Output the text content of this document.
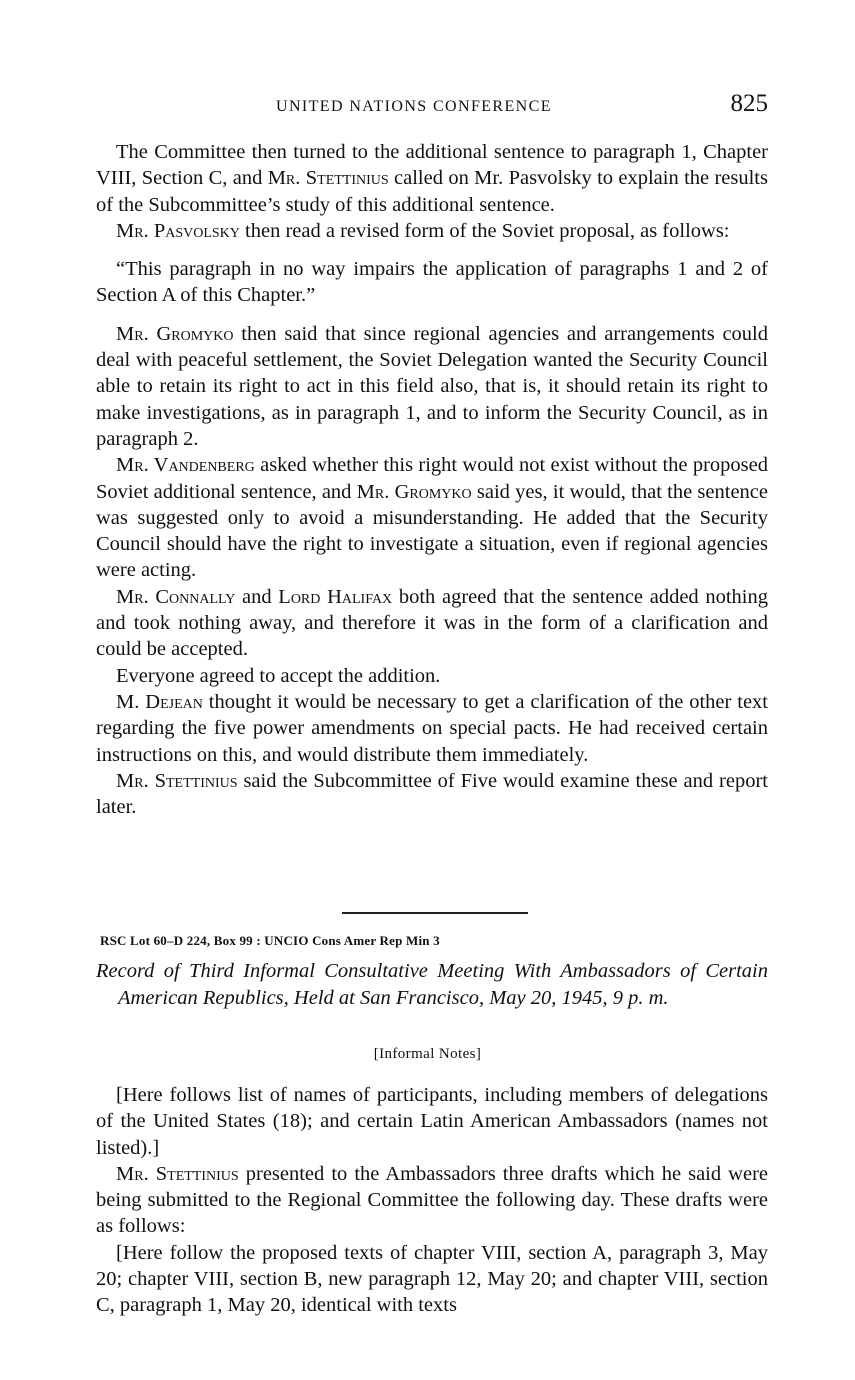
UNITED NATIONS CONFERENCE	825

The Committee then turned to the additional sentence to paragraph 1, Chapter VIII, Section C, and Mr. Stettinius called on Mr. Pasvolsky to explain the results of the Subcommittee’s study of this additional sentence.

Mr. Pasvolsky then read a revised form of the Soviet proposal, as follows:

“This paragraph in no way impairs the application of paragraphs 1 and 2 of Section A of this Chapter.”

Mr. Gromyko then said that since regional agencies and arrangements could deal with peaceful settlement, the Soviet Delegation wanted the Security Council able to retain its right to act in this field also, that is, it should retain its right to make investigations, as in paragraph 1, and to inform the Security Council, as in paragraph 2.

Mr. Vandenberg asked whether this right would not exist without the proposed Soviet additional sentence, and Mr. Gromyko said yes, it would, that the sentence was suggested only to avoid a misunderstanding. He added that the Security Council should have the right to investigate a situation, even if regional agencies were acting.

Mr. Connally and Lord Halifax both agreed that the sentence added nothing and took nothing away, and therefore it was in the form of a clarification and could be accepted.

Everyone agreed to accept the addition.

M. Dejean thought it would be necessary to get a clarification of the other text regarding the five power amendments on special pacts. He had received certain instructions on this, and would distribute them immediately.

Mr. Stettinius said the Subcommittee of Five would examine these and report later.

RSC Lot 60–D 224, Box 99 : UNCIO Cons Amer Rep Min 3
Record of Third Informal Consultative Meeting With Ambassadors of Certain American Republics, Held at San Francisco, May 20, 1945, 9 p. m.
[Informal Notes]

[Here follows list of names of participants, including members of delegations of the United States (18); and certain Latin American Ambassadors (names not listed).]

Mr. Stettinius presented to the Ambassadors three drafts which he said were being submitted to the Regional Committee the following day. These drafts were as follows:

[Here follow the proposed texts of chapter VIII, section A, paragraph 3, May 20; chapter VIII, section B, new paragraph 12, May 20; and chapter VIII, section C, paragraph 1, May 20, identical with texts
